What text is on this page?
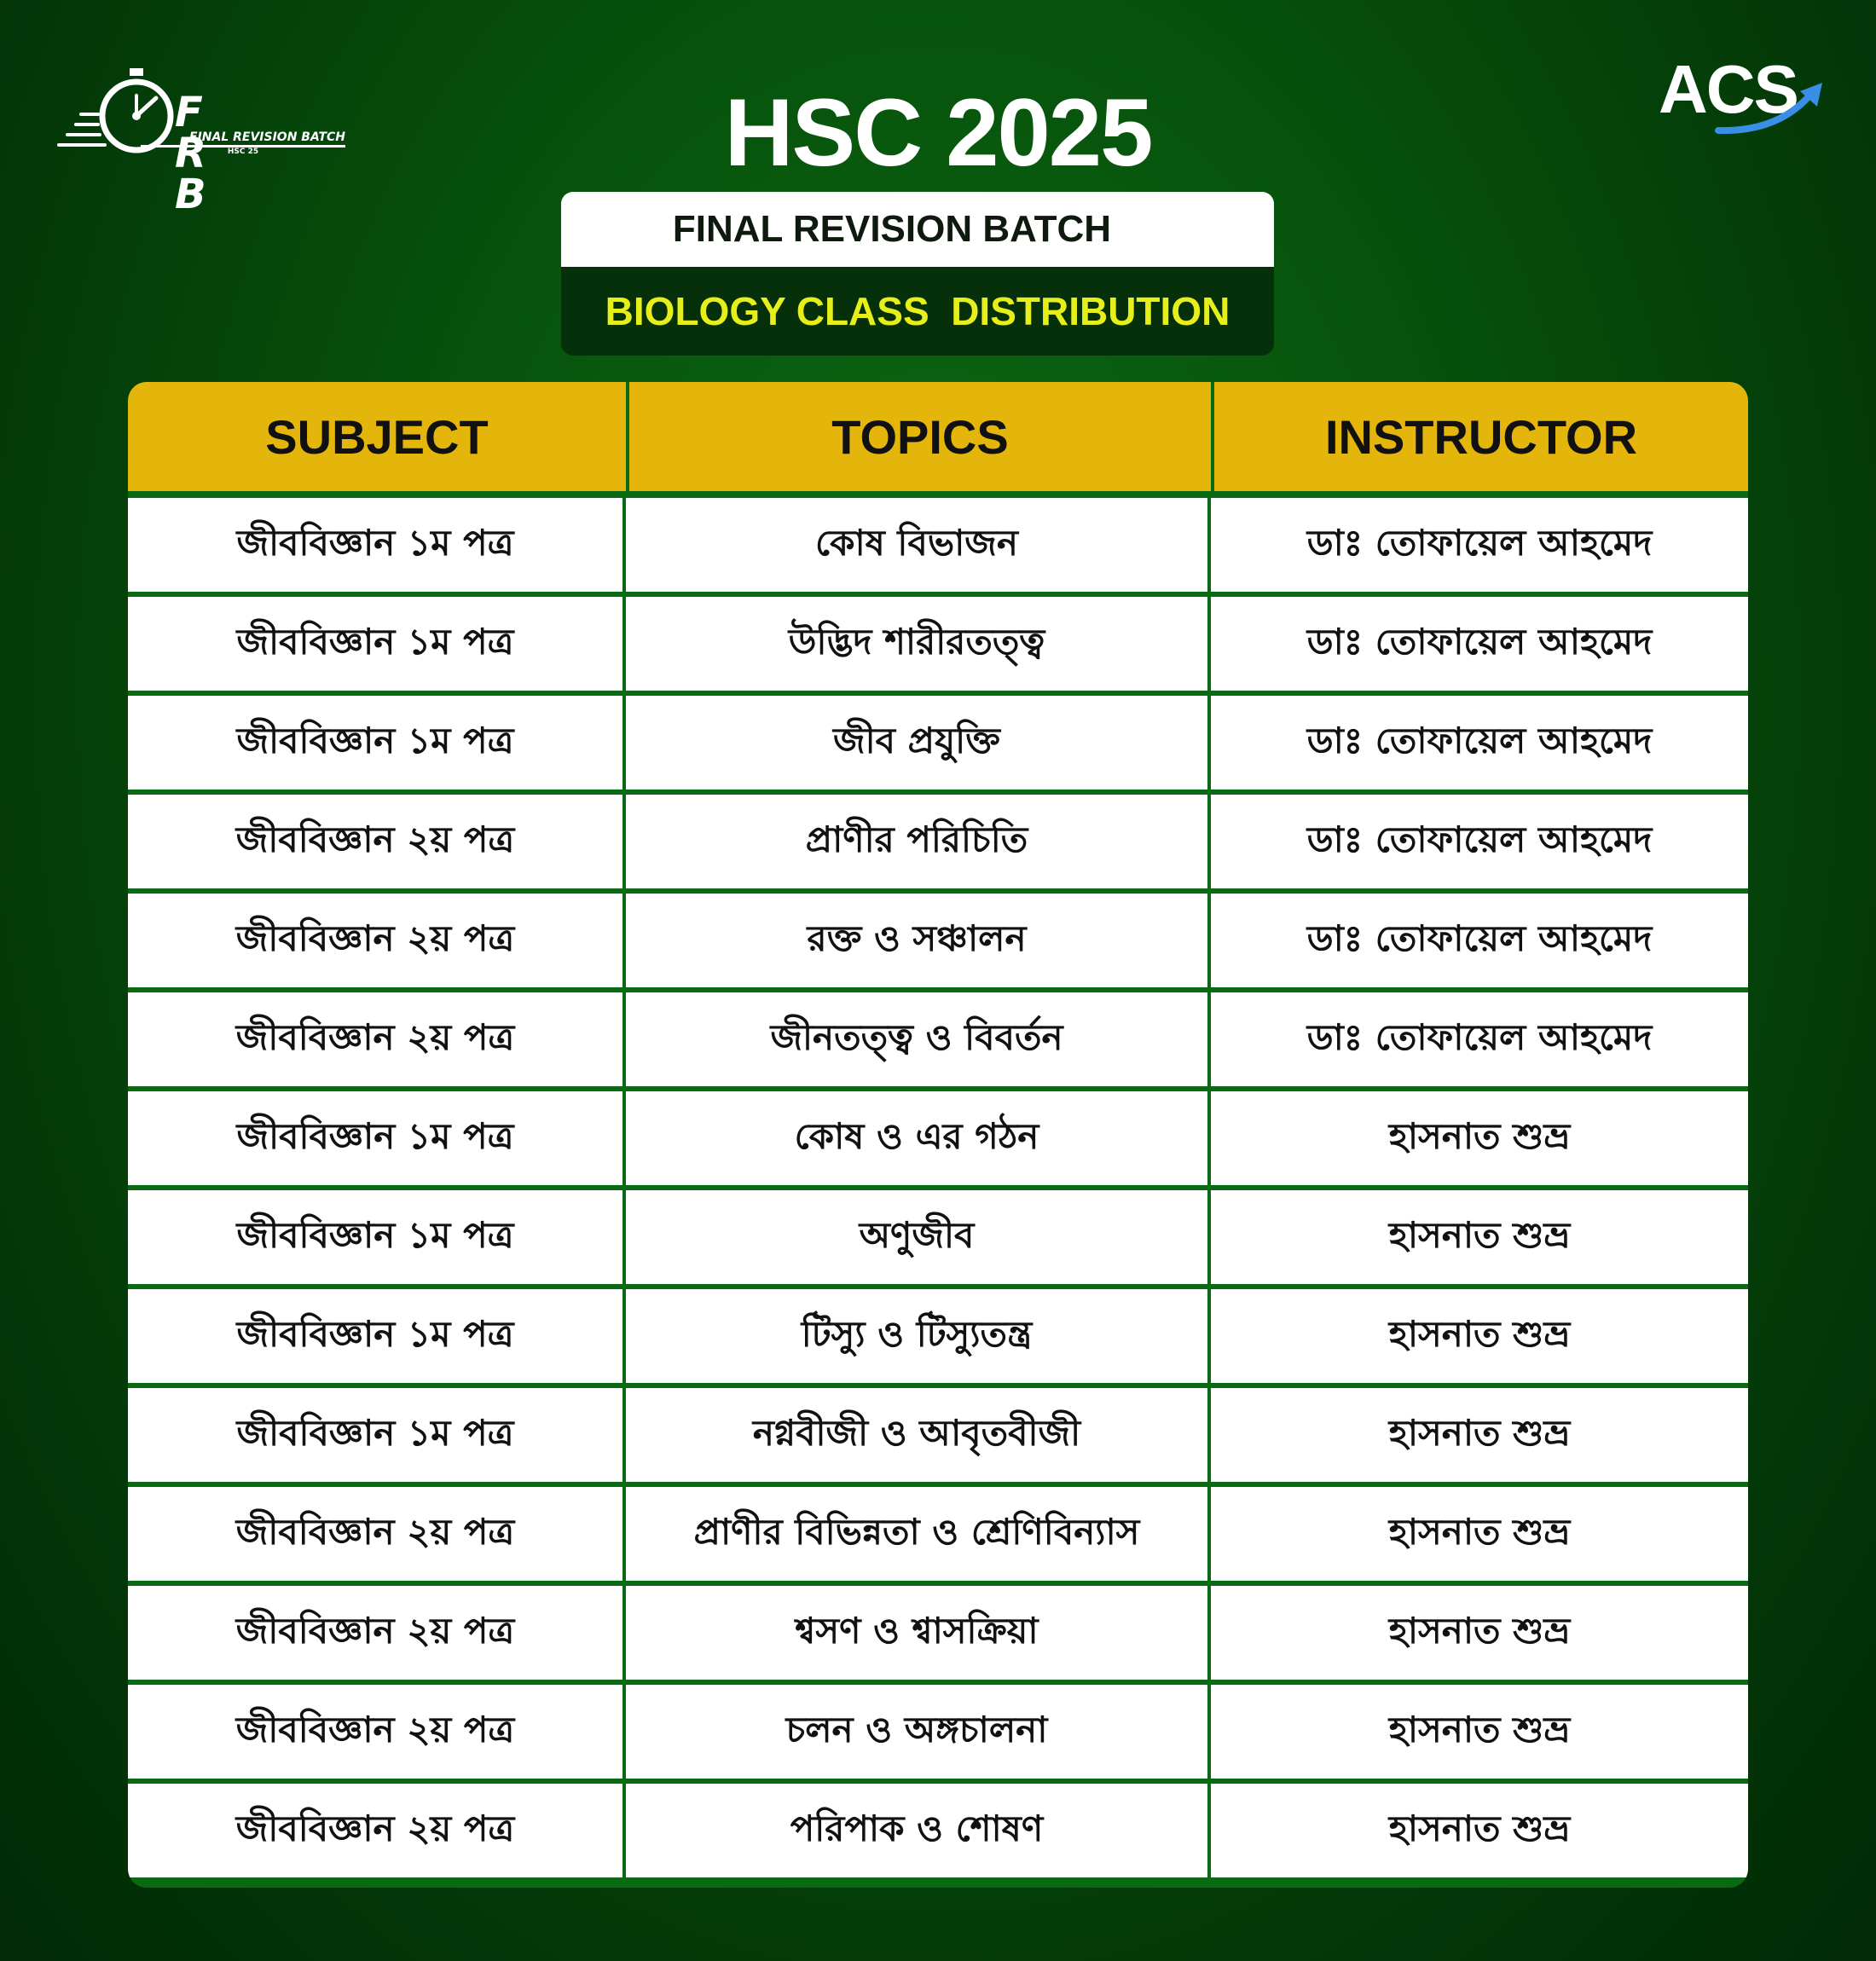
F R B
FINAL REVISION BATCH
HSC 25
ACS
HSC 2025
FINAL REVISION BATCH
BIOLOGY CLASS  DISTRIBUTION
SUBJECT	TOPICS	INSTRUCTOR
জীববিজ্ঞান ১ম পত্র	কোষ বিভাজন	ডাঃ তোফায়েল আহমেদ
জীববিজ্ঞান ১ম পত্র	উদ্ভিদ শারীরতত্ত্ব	ডাঃ তোফায়েল আহমেদ
জীববিজ্ঞান ১ম পত্র	জীব প্রযুক্তি	ডাঃ তোফায়েল আহমেদ
জীববিজ্ঞান ২য় পত্র	প্রাণীর পরিচিতি	ডাঃ তোফায়েল আহমেদ
জীববিজ্ঞান ২য় পত্র	রক্ত ও সঞ্চালন	ডাঃ তোফায়েল আহমেদ
জীববিজ্ঞান ২য় পত্র	জীনতত্ত্ব ও বিবর্তন	ডাঃ তোফায়েল আহমেদ
জীববিজ্ঞান ১ম পত্র	কোষ ও এর গঠন	হাসনাত শুভ্র
জীববিজ্ঞান ১ম পত্র	অণুজীব	হাসনাত শুভ্র
জীববিজ্ঞান ১ম পত্র	টিস্যু ও টিস্যুতন্ত্র	হাসনাত শুভ্র
জীববিজ্ঞান ১ম পত্র	নগ্নবীজী ও আবৃতবীজী	হাসনাত শুভ্র
জীববিজ্ঞান ২য় পত্র	প্রাণীর বিভিন্নতা ও শ্রেণিবিন্যাস	হাসনাত শুভ্র
জীববিজ্ঞান ২য় পত্র	শ্বসণ ও শ্বাসক্রিয়া	হাসনাত শুভ্র
জীববিজ্ঞান ২য় পত্র	চলন ও অঙ্গচালনা	হাসনাত শুভ্র
জীববিজ্ঞান ২য় পত্র	পরিপাক ও শোষণ	হাসনাত শুভ্র
